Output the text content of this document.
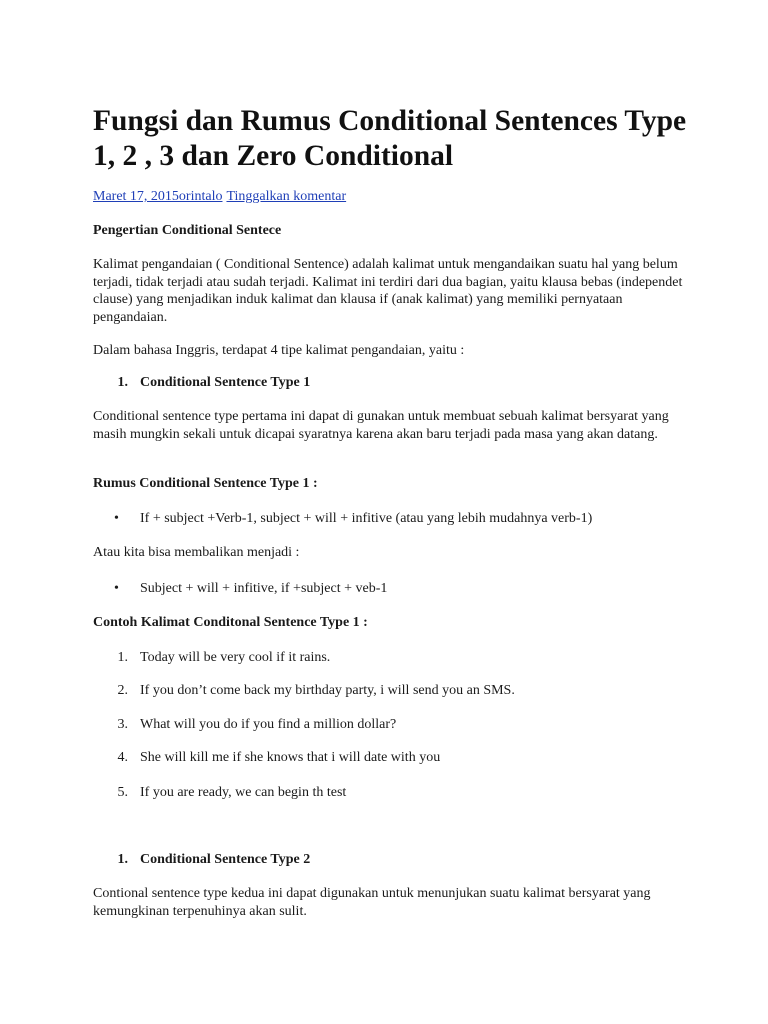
Fungsi dan Rumus Conditional Sentences Type 1, 2 , 3 dan Zero Conditional
Maret 17, 2015orintalo Tinggalkan komentar

Pengertian Conditional Sentece

Kalimat pengandaian ( Conditional Sentence) adalah kalimat untuk mengandaikan suatu hal yang belum terjadi, tidak terjadi atau sudah terjadi. Kalimat ini terdiri dari dua bagian, yaitu klausa bebas (independet clause) yang menjadikan induk kalimat dan klausa if (anak kalimat) yang memiliki pernyataan pengandaian.

Dalam bahasa Inggris, terdapat 4 tipe kalimat pengandaian, yaitu :

1. Conditional Sentence Type 1

Conditional sentence type pertama ini dapat di gunakan untuk membuat sebuah kalimat bersyarat yang masih mungkin sekali untuk dicapai syaratnya karena akan baru terjadi pada masa yang akan datang.

Rumus Conditional Sentence Type 1 :

• If + subject +Verb-1, subject + will + infitive (atau yang lebih mudahnya verb-1)

Atau kita bisa membalikan menjadi :

• Subject + will + infitive, if +subject + veb-1

Contoh Kalimat Conditonal Sentence Type 1 :

1. Today will be very cool if it rains.
2. If you don’t come back my birthday party, i will send you an SMS.
3. What will you do if you find a million dollar?
4. She will kill me if she knows that i will date with you
5. If you are ready, we can begin th test
1. Conditional Sentence Type 2

Contional sentence type kedua ini dapat digunakan untuk menunjukan suatu kalimat bersyarat yang kemungkinan terpenuhinya akan sulit.
